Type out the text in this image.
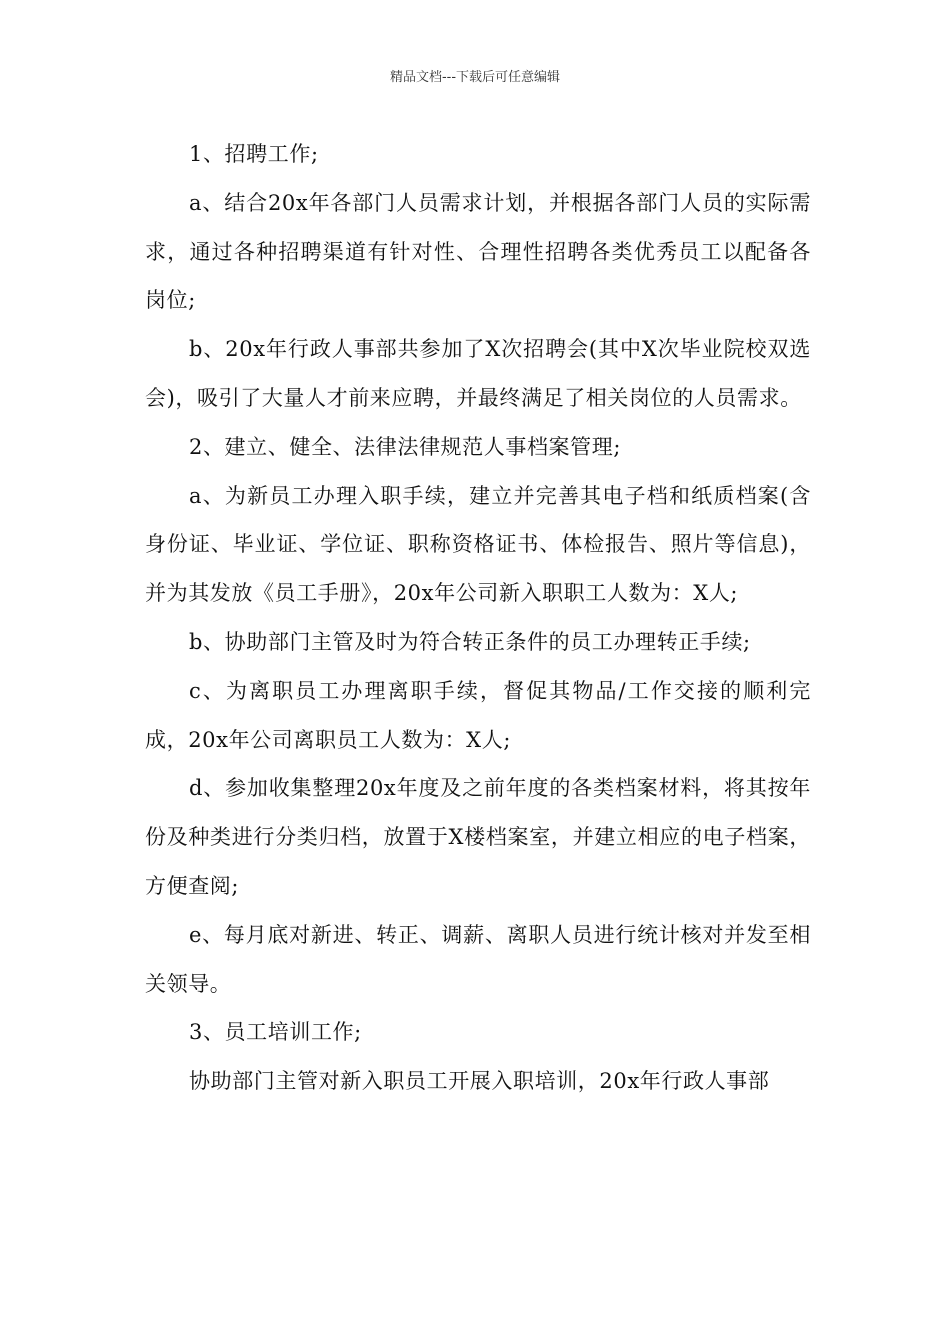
精品文档---下载后可任意编辑

1、招聘工作;

a、结合20x年各部门人员需求计划，并根据各部门人员的实际需求，通过各种招聘渠道有针对性、合理性招聘各类优秀员工以配备各岗位;

b、20x年行政人事部共参加了X次招聘会(其中X次毕业院校双选会)，吸引了大量人才前来应聘，并最终满足了相关岗位的人员需求。

2、建立、健全、法律法律规范人事档案管理;

a、为新员工办理入职手续，建立并完善其电子档和纸质档案(含身份证、毕业证、学位证、职称资格证书、体检报告、照片等信息)，并为其发放《员工手册》，20x年公司新入职职工人数为：X人;

b、协助部门主管及时为符合转正条件的员工办理转正手续;

c、为离职员工办理离职手续，督促其物品/工作交接的顺利完成，20x年公司离职员工人数为：X人;

d、参加收集整理20x年度及之前年度的各类档案材料，将其按年份及种类进行分类归档，放置于X楼档案室，并建立相应的电子档案，方便查阅;

e、每月底对新进、转正、调薪、离职人员进行统计核对并发至相关领导。

3、员工培训工作;

协助部门主管对新入职员工开展入职培训，20x年行政人事部
